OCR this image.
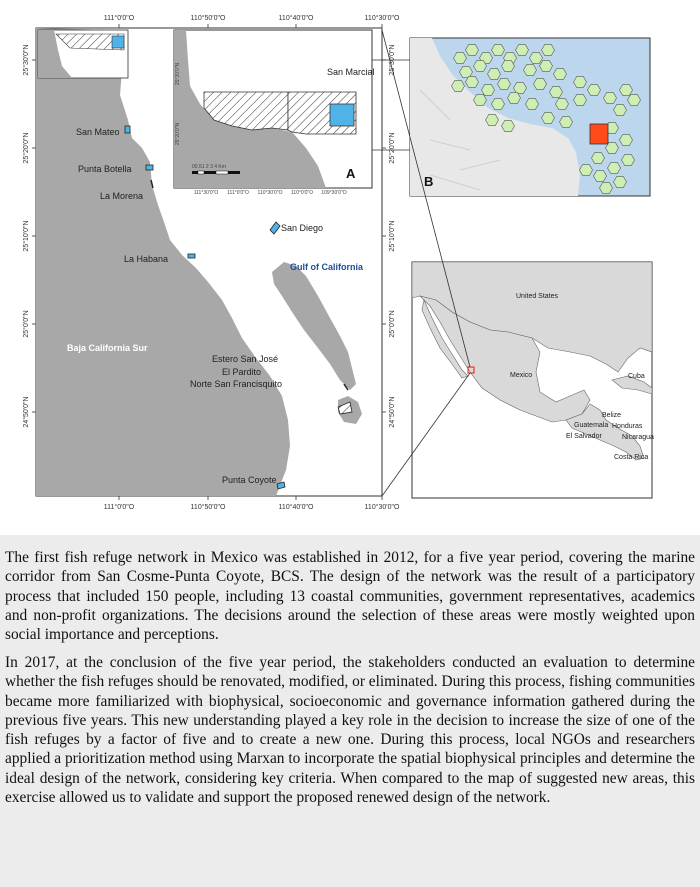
111°0'0"O	110°50'0"O	110°40'0"O	110°30'0"O
111°0'0"O	110°50'0"O	110°40'0"O	110°30'0"O
25°30'0"N
25°20'0"N
25°10'0"N
25°0'0"N
24°50'0"N
25°30'0"N
25°20'0"N
25°10'0"N
25°0'0"N
24°50'0"N
San Mateo
Punta Botella
La Morena
La Habana
San Diego
Estero San José
El Pardito
Norte San Francisquito
Punta Coyote
Gulf of California
Baja California Sur
25°30'0"N
25°20'0"N
111°30'0"O 111°0'0"O 110°30'0"O 110°0'0"O 109°30'0"O
00.51 2 3 4 Km
San Marcial
A
B
United States
Mexico	Cuba
Belize
Guatemala Honduras
El Salvador	Nicaragua
Costa Rica

The first fish refuge network in Mexico was established in 2012, for a five year period, covering the marine corridor from San Cosme-Punta Coyote, BCS. The design of the network was the result of a participatory process that included 150 people, including 13 coastal communities, government representatives, academics and non-profit organizations. The decisions around the selection of these areas were mostly weighted upon social importance and perceptions.

In 2017, at the conclusion of the five year period, the stakeholders conducted an evaluation to determine whether the fish refuges should be renovated, modified, or eliminated. During this process, fishing communities became more familiarized with biophysical, socioeconomic and governance information gathered during the previous five years. This new understanding played a key role in the decision to increase the size of one of the fish refuges by a factor of five and to create a new one. During this process, local NGOs and researchers applied a prioritization method using Marxan to incorporate the spatial biophysical principles and determine the ideal design of the network, considering key criteria. When compared to the map of suggested new areas, this exercise allowed us to validate and support the proposed renewed design of the network.
